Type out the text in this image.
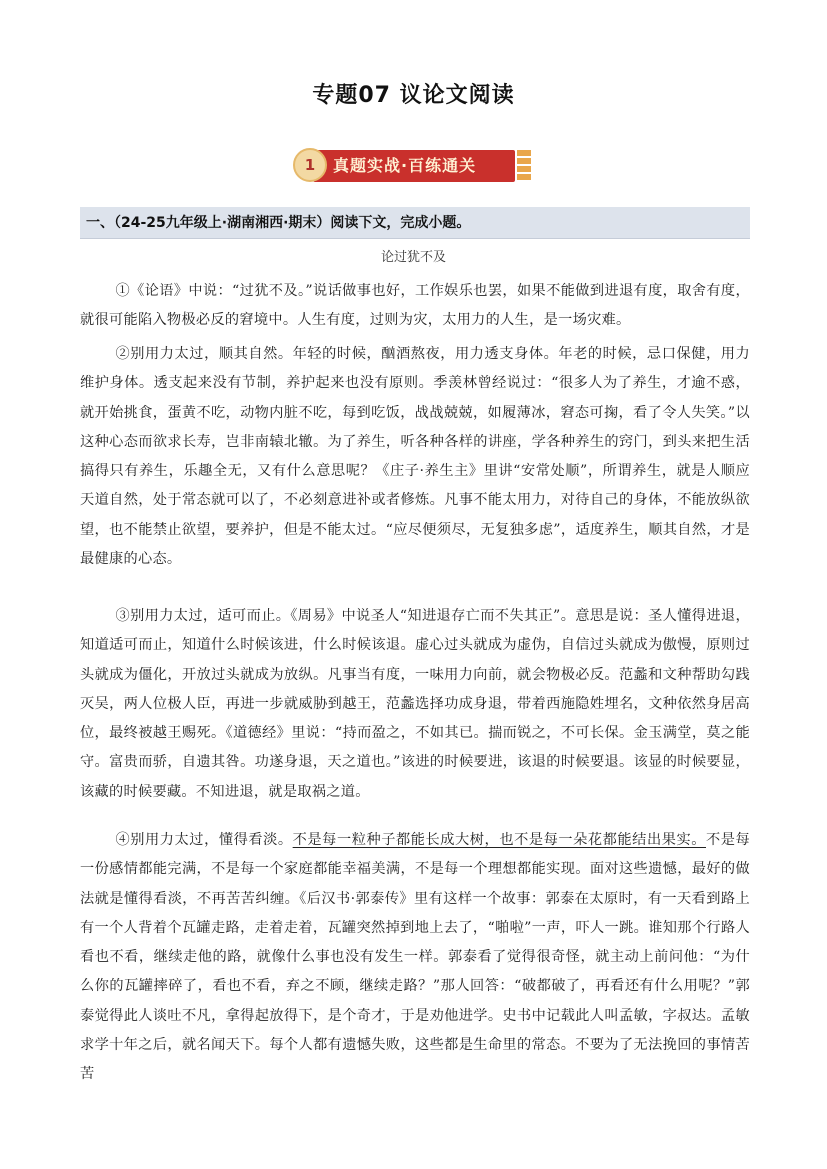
专题07 议论文阅读
1	真题实战·百练通关
一、（24-25九年级上·湖南湘西·期末）阅读下文，完成小题。
论过犹不及
①《论语》中说：“过犹不及。”说话做事也好，工作娱乐也罢，如果不能做到进退有度，取舍有度，就很可能陷入物极必反的窘境中。人生有度，过则为灾，太用力的人生，是一场灾难。
②别用力太过，顺其自然。年轻的时候，酗酒熬夜，用力透支身体。年老的时候，忌口保健，用力维护身体。透支起来没有节制，养护起来也没有原则。季羡林曾经说过：“很多人为了养生，才逾不惑，就开始挑食，蛋黄不吃，动物内脏不吃，每到吃饭，战战兢兢，如履薄冰，窘态可掬，看了令人失笑。”以这种心态而欲求长寿，岂非南辕北辙。为了养生，听各种各样的讲座，学各种养生的窍门，到头来把生活搞得只有养生，乐趣全无，又有什么意思呢？《庄子·养生主》里讲“安常处顺”，所谓养生，就是人顺应天道自然，处于常态就可以了，不必刻意进补或者修炼。凡事不能太用力，对待自己的身体，不能放纵欲望，也不能禁止欲望，要养护，但是不能太过。“应尽便须尽，无复独多虑”，适度养生，顺其自然，才是最健康的心态。
③别用力太过，适可而止。《周易》中说圣人“知进退存亡而不失其正”。意思是说：圣人懂得进退，知道适可而止，知道什么时候该进，什么时候该退。虚心过头就成为虚伪，自信过头就成为傲慢，原则过头就成为僵化，开放过头就成为放纵。凡事当有度，一味用力向前，就会物极必反。范蠡和文种帮助勾践灭吴，两人位极人臣，再进一步就威胁到越王，范蠡选择功成身退，带着西施隐姓埋名，文种依然身居高位，最终被越王赐死。《道德经》里说：“持而盈之，不如其已。揣而锐之，不可长保。金玉满堂，莫之能守。富贵而骄，自遗其咎。功遂身退，天之道也。”该进的时候要进，该退的时候要退。该显的时候要显，该藏的时候要藏。不知进退，就是取祸之道。
④别用力太过，懂得看淡。不是每一粒种子都能长成大树，也不是每一朵花都能结出果实。不是每一份感情都能完满，不是每一个家庭都能幸福美满，不是每一个理想都能实现。面对这些遗憾，最好的做法就是懂得看淡，不再苦苦纠缠。《后汉书·郭泰传》里有这样一个故事：郭泰在太原时，有一天看到路上有一个人背着个瓦罐走路，走着走着，瓦罐突然掉到地上去了，“啪啦”一声，吓人一跳。谁知那个行路人看也不看，继续走他的路，就像什么事也没有发生一样。郭泰看了觉得很奇怪，就主动上前问他：“为什么你的瓦罐摔碎了，看也不看，弃之不顾，继续走路？”那人回答：“破都破了，再看还有什么用呢？”郭泰觉得此人谈吐不凡，拿得起放得下，是个奇才，于是劝他进学。史书中记载此人叫孟敏，字叔达。孟敏求学十年之后，就名闻天下。每个人都有遗憾失败，这些都是生命里的常态。不要为了无法挽回的事情苦苦
